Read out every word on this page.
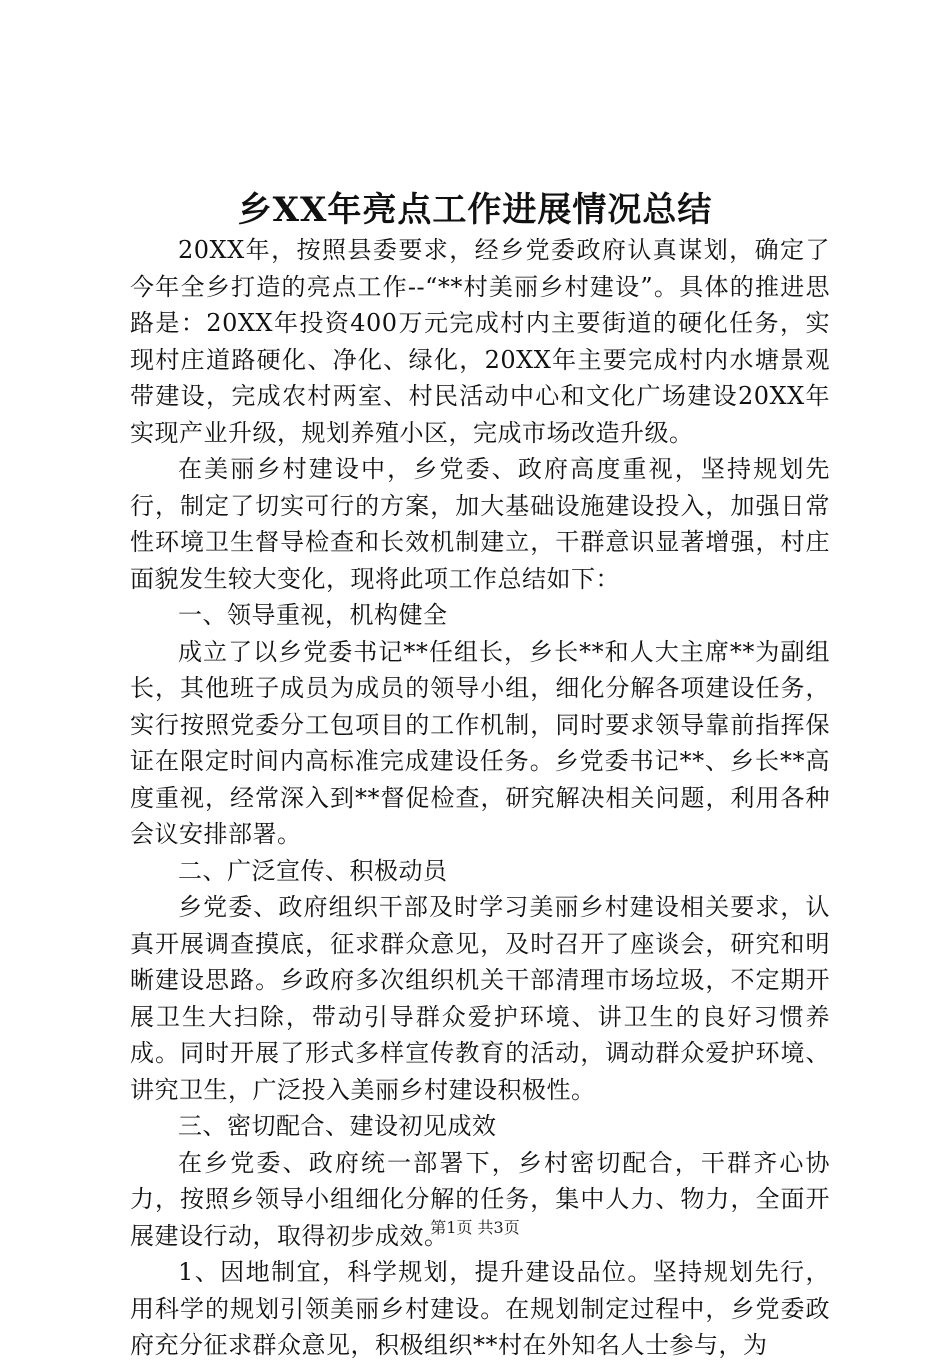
乡XX年亮点工作进展情况总结

20XX年，按照县委要求，经乡党委政府认真谋划，确定了今年全乡打造的亮点工作--“**村美丽乡村建设”。具体的推进思路是：20XX年投资400万元完成村内主要街道的硬化任务，实现村庄道路硬化、净化、绿化，20XX年主要完成村内水塘景观带建设，完成农村两室、村民活动中心和文化广场建设20XX年实现产业升级，规划养殖小区，完成市场改造升级。

在美丽乡村建设中，乡党委、政府高度重视，坚持规划先行，制定了切实可行的方案，加大基础设施建设投入，加强日常性环境卫生督导检查和长效机制建立，干群意识显著增强，村庄面貌发生较大变化，现将此项工作总结如下：

一、领导重视，机构健全

成立了以乡党委书记**任组长，乡长**和人大主席**为副组长，其他班子成员为成员的领导小组，细化分解各项建设任务，实行按照党委分工包项目的工作机制，同时要求领导靠前指挥保证在限定时间内高标准完成建设任务。乡党委书记**、乡长**高度重视，经常深入到**督促检查，研究解决相关问题，利用各种会议安排部署。

二、广泛宣传、积极动员

乡党委、政府组织干部及时学习美丽乡村建设相关要求，认真开展调查摸底，征求群众意见，及时召开了座谈会，研究和明晰建设思路。乡政府多次组织机关干部清理市场垃圾，不定期开展卫生大扫除，带动引导群众爱护环境、讲卫生的良好习惯养成。同时开展了形式多样宣传教育的活动，调动群众爱护环境、讲究卫生，广泛投入美丽乡村建设积极性。

三、密切配合、建设初见成效

在乡党委、政府统一部署下，乡村密切配合，干群齐心协力，按照乡领导小组细化分解的任务，集中人力、物力，全面开展建设行动，取得初步成效。

1、因地制宜，科学规划，提升建设品位。坚持规划先行，用科学的规划引领美丽乡村建设。在规划制定过程中，乡党委政府充分征求群众意见，积极组织**村在外知名人士参与，为

第1页 共3页
